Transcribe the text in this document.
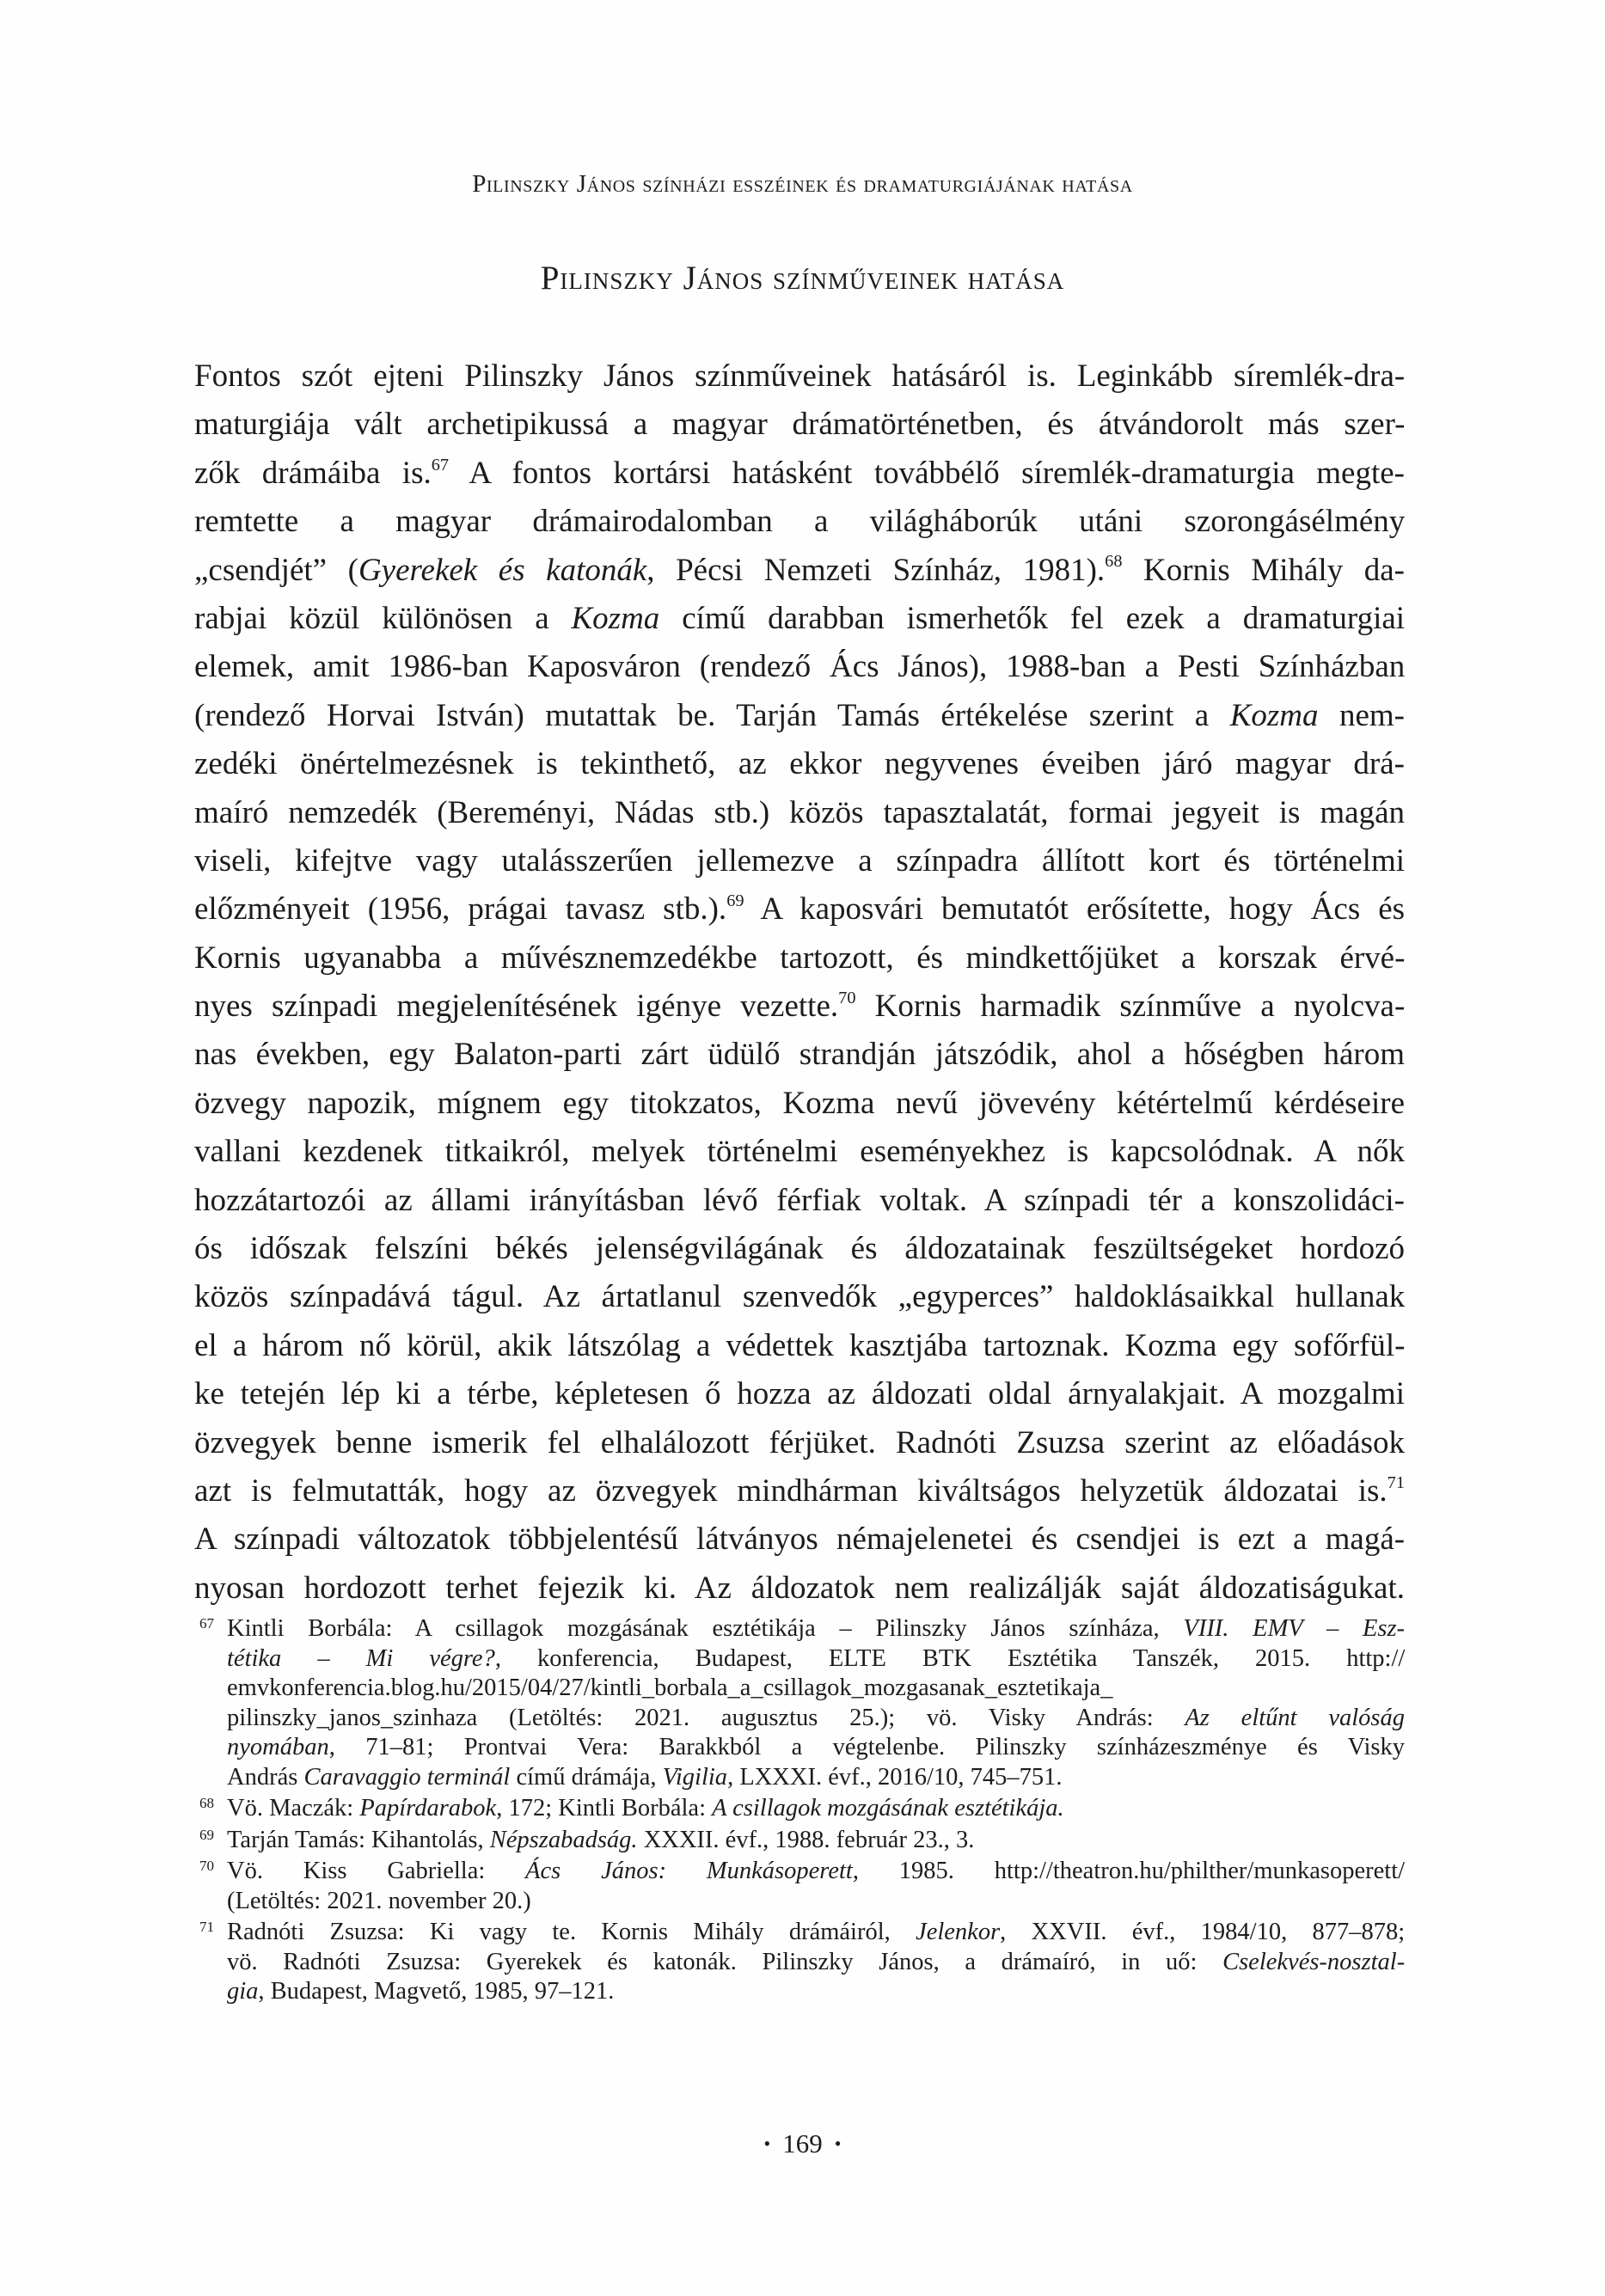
Pilinszky János színházi esszéinek és dramaturgiájának hatása
Pilinszky János színműveinek hatása
Fontos szót ejteni Pilinszky János színműveinek hatásáról is. Leginkább síremlék-dra-
maturgiája vált archetipikussá a magyar drámatörténetben, és átvándorolt más szer-
zők drámáiba is.$^{67}$ A fontos kortársi hatásként továbbélő síremlék-dramaturgia megte-
remtette a magyar drámairodalomban a világháborúk utáni szorongásélmény
„csendjét” (Gyerekek és katonák, Pécsi Nemzeti Színház, 1981).$^{68}$ Kornis Mihály da-
rabjai közül különösen a Kozma című darabban ismerhetők fel ezek a dramaturgiai
elemek, amit 1986-ban Kaposváron (rendező Ács János), 1988-ban a Pesti Színházban
(rendező Horvai István) mutattak be. Tarján Tamás értékelése szerint a Kozma nem-
zedéki önértelmezésnek is tekinthető, az ekkor negyvenes éveiben járó magyar drá-
maíró nemzedék (Bereményi, Nádas stb.) közös tapasztalatát, formai jegyeit is magán
viseli, kifejtve vagy utalásszerűen jellemezve a színpadra állított kort és történelmi
előzményeit (1956, prágai tavasz stb.).$^{69}$ A kaposvári bemutatót erősítette, hogy Ács és
Kornis ugyanabba a művésznemzedékbe tartozott, és mindkettőjüket a korszak érvé-
nyes színpadi megjelenítésének igénye vezette.$^{70}$ Kornis harmadik színműve a nyolcva-
nas években, egy Balaton-parti zárt üdülő strandján játszódik, ahol a hőségben három
özvegy napozik, mígnem egy titokzatos, Kozma nevű jövevény kétértelmű kérdéseire
vallani kezdenek titkaikról, melyek történelmi eseményekhez is kapcsolódnak. A nők
hozzátartozói az állami irányításban lévő férfiak voltak. A színpadi tér a konszolidáci-
ós időszak felszíni békés jelenségvilágának és áldozatainak feszültségeket hordozó
közös színpadává tágul. Az ártatlanul szenvedők „egyperces” haldoklásaikkal hullanak
el a három nő körül, akik látszólag a védettek kasztjába tartoznak. Kozma egy sofőrfül-
ke tetején lép ki a térbe, képletesen ő hozza az áldozati oldal árnyalakjait. A mozgalmi
özvegyek benne ismerik fel elhalálozott férjüket. Radnóti Zsuzsa szerint az előadások
azt is felmutatták, hogy az özvegyek mindhárman kiváltságos helyzetük áldozatai is.$^{71}$
A színpadi változatok többjelentésű látványos némajelenetei és csendjei is ezt a magá-
nyosan hordozott terhet fejezik ki. Az áldozatok nem realizálják saját áldozatiságukat.
67 Kintli Borbála: A csillagok mozgásának esztétikája – Pilinszky János színháza, VIII. EMV – Esz-
tétika – Mi végre?, konferencia, Budapest, ELTE BTK Esztétika Tanszék, 2015. http://
emvkonferencia.blog.hu/2015/04/27/kintli_borbala_a_csillagok_mozgasanak_esztetikaja_
pilinszky_janos_szinhaza (Letöltés: 2021. augusztus 25.); vö. Visky András: Az eltűnt valóság
nyomában, 71–81; Prontvai Vera: Barakkból a végtelenbe. Pilinszky színházeszménye és Visky
András Caravaggio terminál című drámája, Vigilia, LXXXI. évf., 2016/10, 745–751.
68 Vö. Maczák: Papírdarabok, 172; Kintli Borbála: A csillagok mozgásának esztétikája.
69 Tarján Tamás: Kihantolás, Népszabadság. XXXII. évf., 1988. február 23., 3.
70 Vö. Kiss Gabriella: Ács János: Munkásoperett, 1985. http://theatron.hu/philther/munkasoperett/
(Letöltés: 2021. november 20.)
71 Radnóti Zsuzsa: Ki vagy te. Kornis Mihály drámáiról, Jelenkor, XXVII. évf., 1984/10, 877–878;
vö. Radnóti Zsuzsa: Gyerekek és katonák. Pilinszky János, a drámaíró, in uő: Cselekvés-nosztal-
gia, Budapest, Magvető, 1985, 97–121.
• 169 •
